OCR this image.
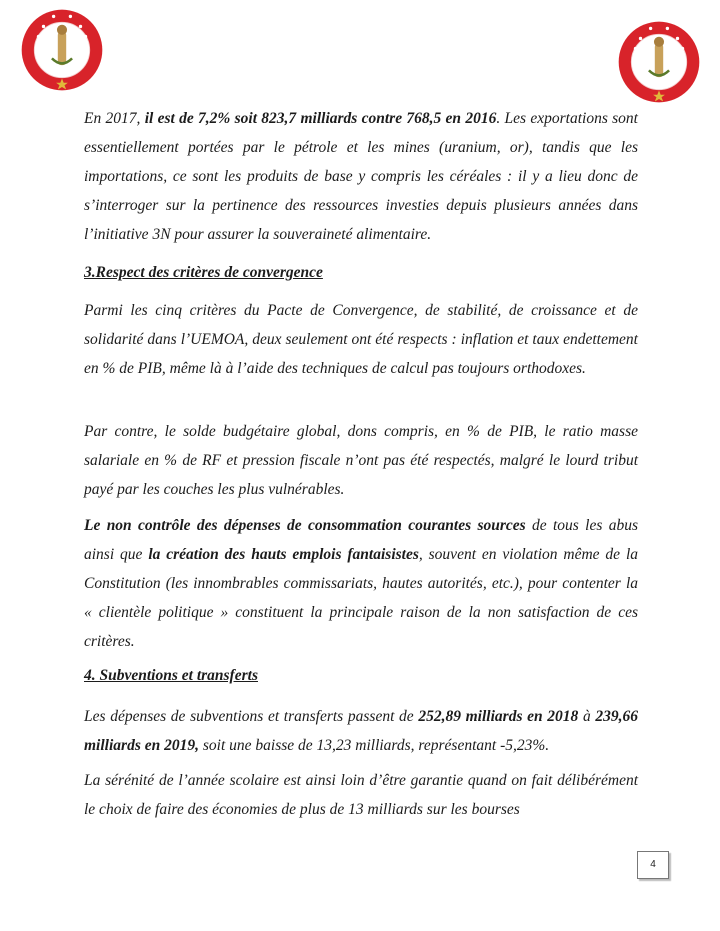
En 2017, il est de 7,2% soit 823,7 milliards contre 768,5 en 2016. Les exportations sont essentiellement portées par le pétrole et les mines (uranium, or), tandis que les importations, ce sont les produits de base y compris les céréales : il y a lieu donc de s’interroger sur la pertinence des ressources investies depuis plusieurs années dans l’initiative 3N pour assurer la souveraineté alimentaire.

3.Respect des critères de convergence

Parmi les cinq critères du Pacte de Convergence, de stabilité, de croissance et de solidarité dans l’UEMOA, deux seulement ont été respects : inflation et taux endettement en % de PIB, même là à l’aide des techniques de calcul pas toujours orthodoxes.

Par contre, le solde budgétaire global, dons compris, en % de PIB, le ratio masse salariale en % de RF et pression fiscale n’ont pas été respectés, malgré le lourd tribut payé par les couches les plus vulnérables.

Le non contrôle des dépenses de consommation courantes sources de tous les abus ainsi que la création des hauts emplois fantaisistes, souvent en violation même de la Constitution (les innombrables commissariats, hautes autorités, etc.), pour contenter la « clientèle politique » constituent la principale raison de la non satisfaction de ces critères.

4. Subventions et transferts

Les dépenses de subventions et transferts passent de 252,89 milliards en 2018 à 239,66 milliards en 2019, soit une baisse de 13,23 milliards, représentant -5,23%.

La sérénité de l’année scolaire est ainsi loin d’être garantie quand on fait délibérément le choix de faire des économies de plus de 13 milliards sur les bourses

4
